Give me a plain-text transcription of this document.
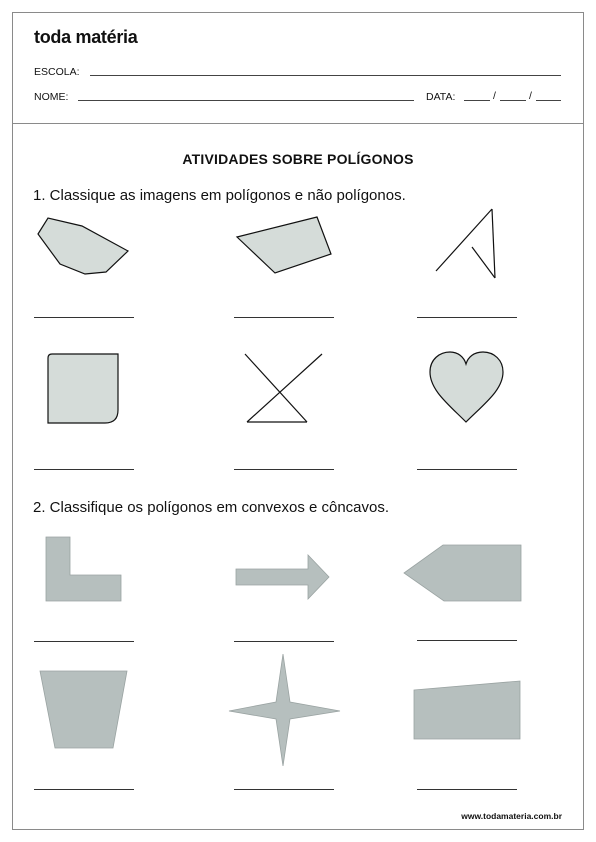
toda matéria
ESCOLA:
NOME:	DATA:	/	/
ATIVIDADES SOBRE POLÍGONOS
1. Classique as imagens em polígonos e não polígonos.
2. Classifique os polígonos em convexos e côncavos.
www.todamateria.com.br
